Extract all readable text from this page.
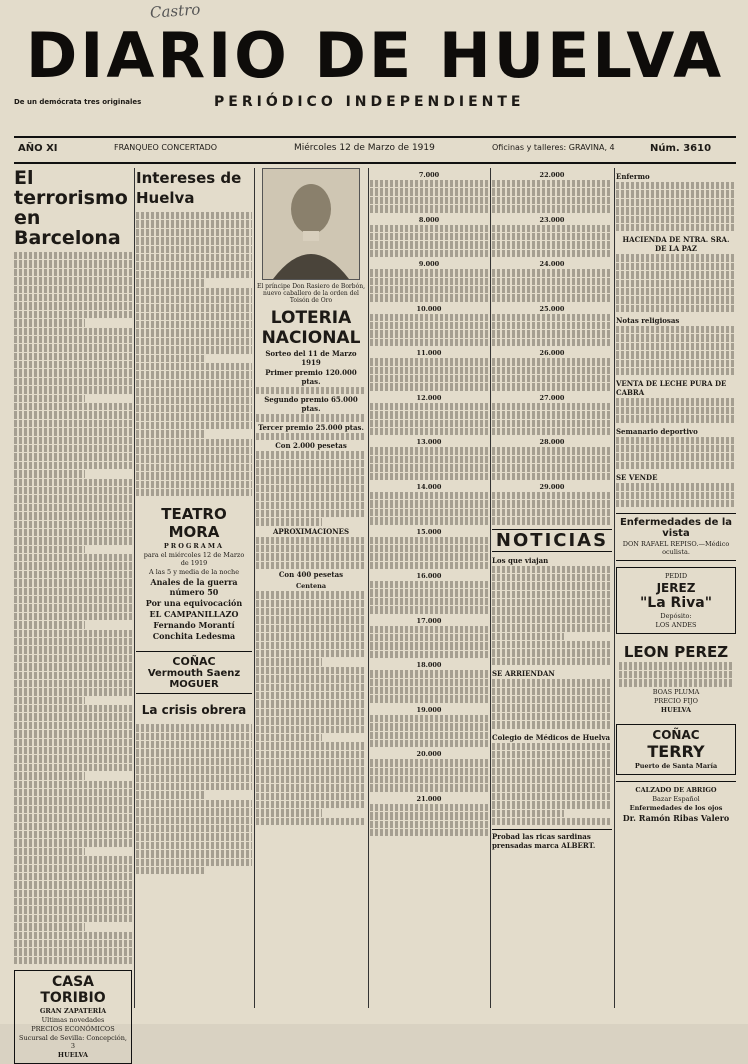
Castro
DIARIO DE HUELVA
De un demócrata tres originales	PERIÓDICO INDEPENDIENTE
AÑO XI	FRANQUEO CONCERTADO	Miércoles 12 de Marzo de 1919	Oficinas y talleres: GRAVINA, 4	Núm. 3610
El terrorismo en Barcelona

CASA TORIBIO

GRAN ZAPATERÍA

Ultimas novedades

PRECIOS ECONÓMICOS

Sucursal de Sevilla: Concepción, 3

HUELVA

Intereses de Huelva

TEATRO MORA

PROGRAMA

para el miércoles 12 de Marzo de 1919

A las 5 y media de la noche

Anales de la guerra número 50

Por una equivocación

EL CAMPANILLAZO

Fernando Morantí

Conchita Ledesma

COÑAC

Vermouth Saenz

MOGUER

La crisis obrera

El príncipe Don Rasiero de Borbón, nuevo caballero de la orden del Toisón de Oro

LOTERIA NACIONAL

Sorteo del 11 de Marzo 1919

Primer premio 120.000 ptas.

Segundo premio 65.000 ptas.

Tercer premio 25.000 ptas.

Con 2.000 pesetas

APROXIMACIONES

Con 400 pesetas

Centena

7.000

8.000

9.000

10.000

11.000

12.000

13.000

14.000

15.000

16.000

17.000

18.000

19.000

20.000

21.000

22.000

23.000

24.000

25.000

26.000

27.000

28.000

29.000

NOTICIAS

Los que viajan

SE ARRIENDAN

Colegio de Médicos de Huelva

Probad las ricas sardinas prensadas marca ALBERT.

Enfermo

HACIENDA DE NTRA. SRA. DE LA PAZ

Notas religiosas

VENTA DE LECHE PURA DE CABRA

Semanario deportivo

SE VENDE

Enfermedades de la vista

DON RAFAEL REPISO.—Médico oculista.

PEDID

JEREZ

"La Riva"

Depósito:

LOS ANDES

LEON PEREZ

BOAS PLUMA

PRECIO FIJO

HUELVA

COÑAC

TERRY

Puerto de Santa María

CALZADO DE ABRIGO

Bazar Español

Enfermedades de los ojos

Dr. Ramón Ribas Valero
